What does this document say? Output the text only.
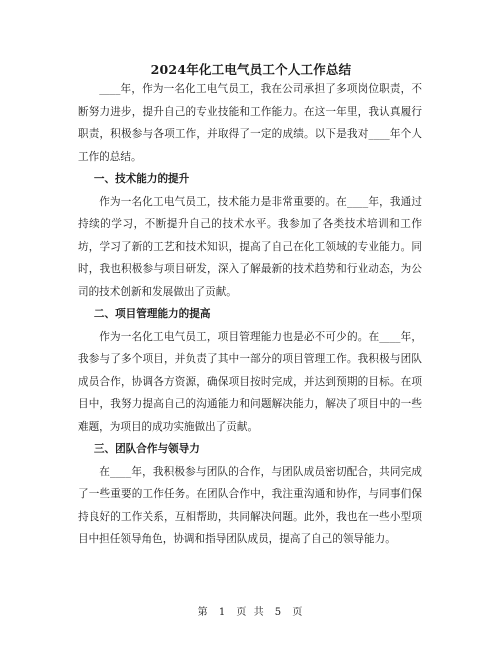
2024年化工电气员工个人工作总结

____年，作为一名化工电气员工，我在公司承担了多项岗位职责，不断努力进步，提升自己的专业技能和工作能力。在这一年里，我认真履行职责，积极参与各项工作，并取得了一定的成绩。以下是我对____年个人工作的总结。

一、技术能力的提升

作为一名化工电气员工，技术能力是非常重要的。在____年，我通过持续的学习，不断提升自己的技术水平。我参加了各类技术培训和工作坊，学习了新的工艺和技术知识，提高了自己在化工领域的专业能力。同时，我也积极参与项目研发，深入了解最新的技术趋势和行业动态，为公司的技术创新和发展做出了贡献。

二、项目管理能力的提高

作为一名化工电气员工，项目管理能力也是必不可少的。在____年，我参与了多个项目，并负责了其中一部分的项目管理工作。我积极与团队成员合作，协调各方资源，确保项目按时完成，并达到预期的目标。在项目中，我努力提高自己的沟通能力和问题解决能力，解决了项目中的一些难题，为项目的成功实施做出了贡献。

三、团队合作与领导力

在____年，我积极参与团队的合作，与团队成员密切配合，共同完成了一些重要的工作任务。在团队合作中，我注重沟通和协作，与同事们保持良好的工作关系，互相帮助，共同解决问题。此外，我也在一些小型项目中担任领导角色，协调和指导团队成员，提高了自己的领导能力。

第 1 页 共 5 页
